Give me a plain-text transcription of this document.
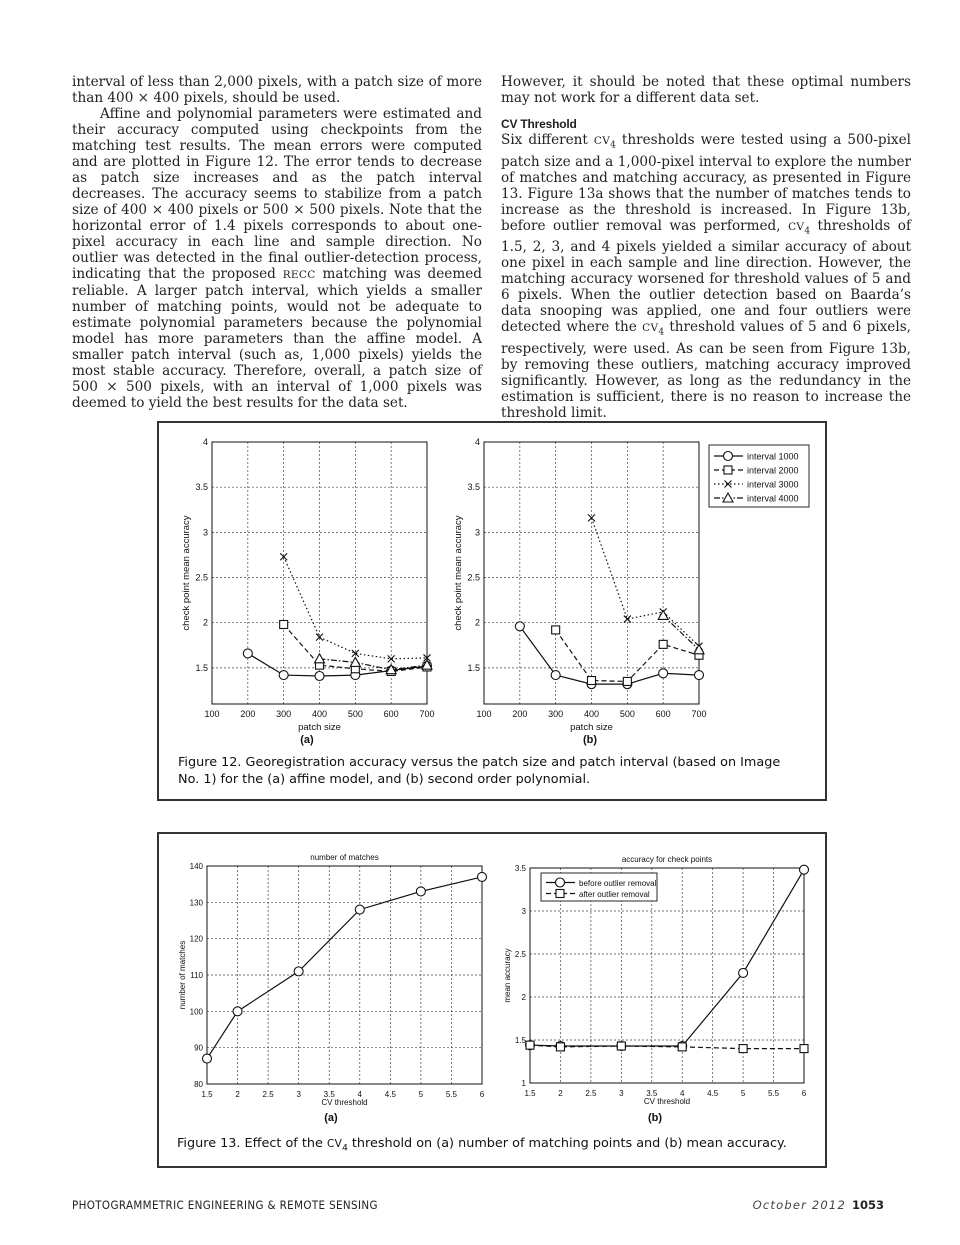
interval of less than 2,000 pixels, with a patch size of more than 400 × 400 pixels, should be used.

Affine and polynomial parameters were estimated and their accuracy computed using checkpoints from the matching test results. The mean errors were computed and are plotted in Figure 12. The error tends to decrease as patch size increases and as the patch interval decreases. The accuracy seems to stabilize from a patch size of 400 × 400 pixels or 500 × 500 pixels. Note that the horizontal error of 1.4 pixels corresponds to about one-pixel accuracy in each line and sample direction. No outlier was detected in the final outlier-detection process, indicating that the proposed RECC matching was deemed reliable. A larger patch interval, which yields a smaller number of matching points, would not be adequate to estimate polynomial parameters because the polynomial model has more parameters than the affine model. A smaller patch interval (such as, 1,000 pixels) yields the most stable accuracy. Therefore, overall, a patch size of 500 × 500 pixels, with an interval of 1,000 pixels was deemed to yield the best results for the data set.

However, it should be noted that these optimal numbers may not work for a different data set.

CV Threshold

Six different $CV_4$ thresholds were tested using a 500-pixel patch size and a 1,000-pixel interval to explore the number of matches and matching accuracy, as presented in Figure 13. Figure 13a shows that the number of matches tends to increase as the threshold is increased. In Figure 13b, before outlier removal was performed, $CV_4$ thresholds of 1.5, 2, 3, and 4 pixels yielded a similar accuracy of about one pixel in each sample and line direction. However, the matching accuracy worsened for threshold values of 5 and 6 pixels. When the outlier detection based on Baarda’s data snooping was applied, one and four outliers were detected where the $CV_4$ threshold values of 5 and 6 pixels, respectively, were used. As can be seen from Figure 13b, by removing these outliers, matching accuracy improved significantly. However, as long as the redundancy in the estimation is sufficient, there is no reason to increase the threshold limit.

100 200 300 400 500 600 700
1.5
2
2.5
3
3.5
4
patch size
check point mean accuracy
100 200 300 400 500 600 700
1.5
2
2.5
3
3.5
4
patch size
check point mean accuracy
interval 1000
interval 2000
interval 3000
interval 4000
(a)	(b)
Figure 12. Georegistration accuracy versus the patch size and patch interval (based on Image No. 1) for the (a) affine model, and (b) second order polynomial.
1.5	2	2.5	3	3.5	4	4.5	5	5.5	6
80
90
100
110
120
130
140
CV threshold
number of matches
number of matches
1.5	2	2.5	3	3.5	4	4.5	5	5.5	6
1
1.5
2
2.5
3
3.5
CV threshold
mean accuracy
accuracy for check points
before outlier removal
after outlier removal
(a)	(b)
Figure 13. Effect of the $CV_4$ threshold on (a) number of matching points and (b) mean accuracy.
PHOTOGRAMMETRIC ENGINEERING & REMOTE SENSING	October 2012 1053
